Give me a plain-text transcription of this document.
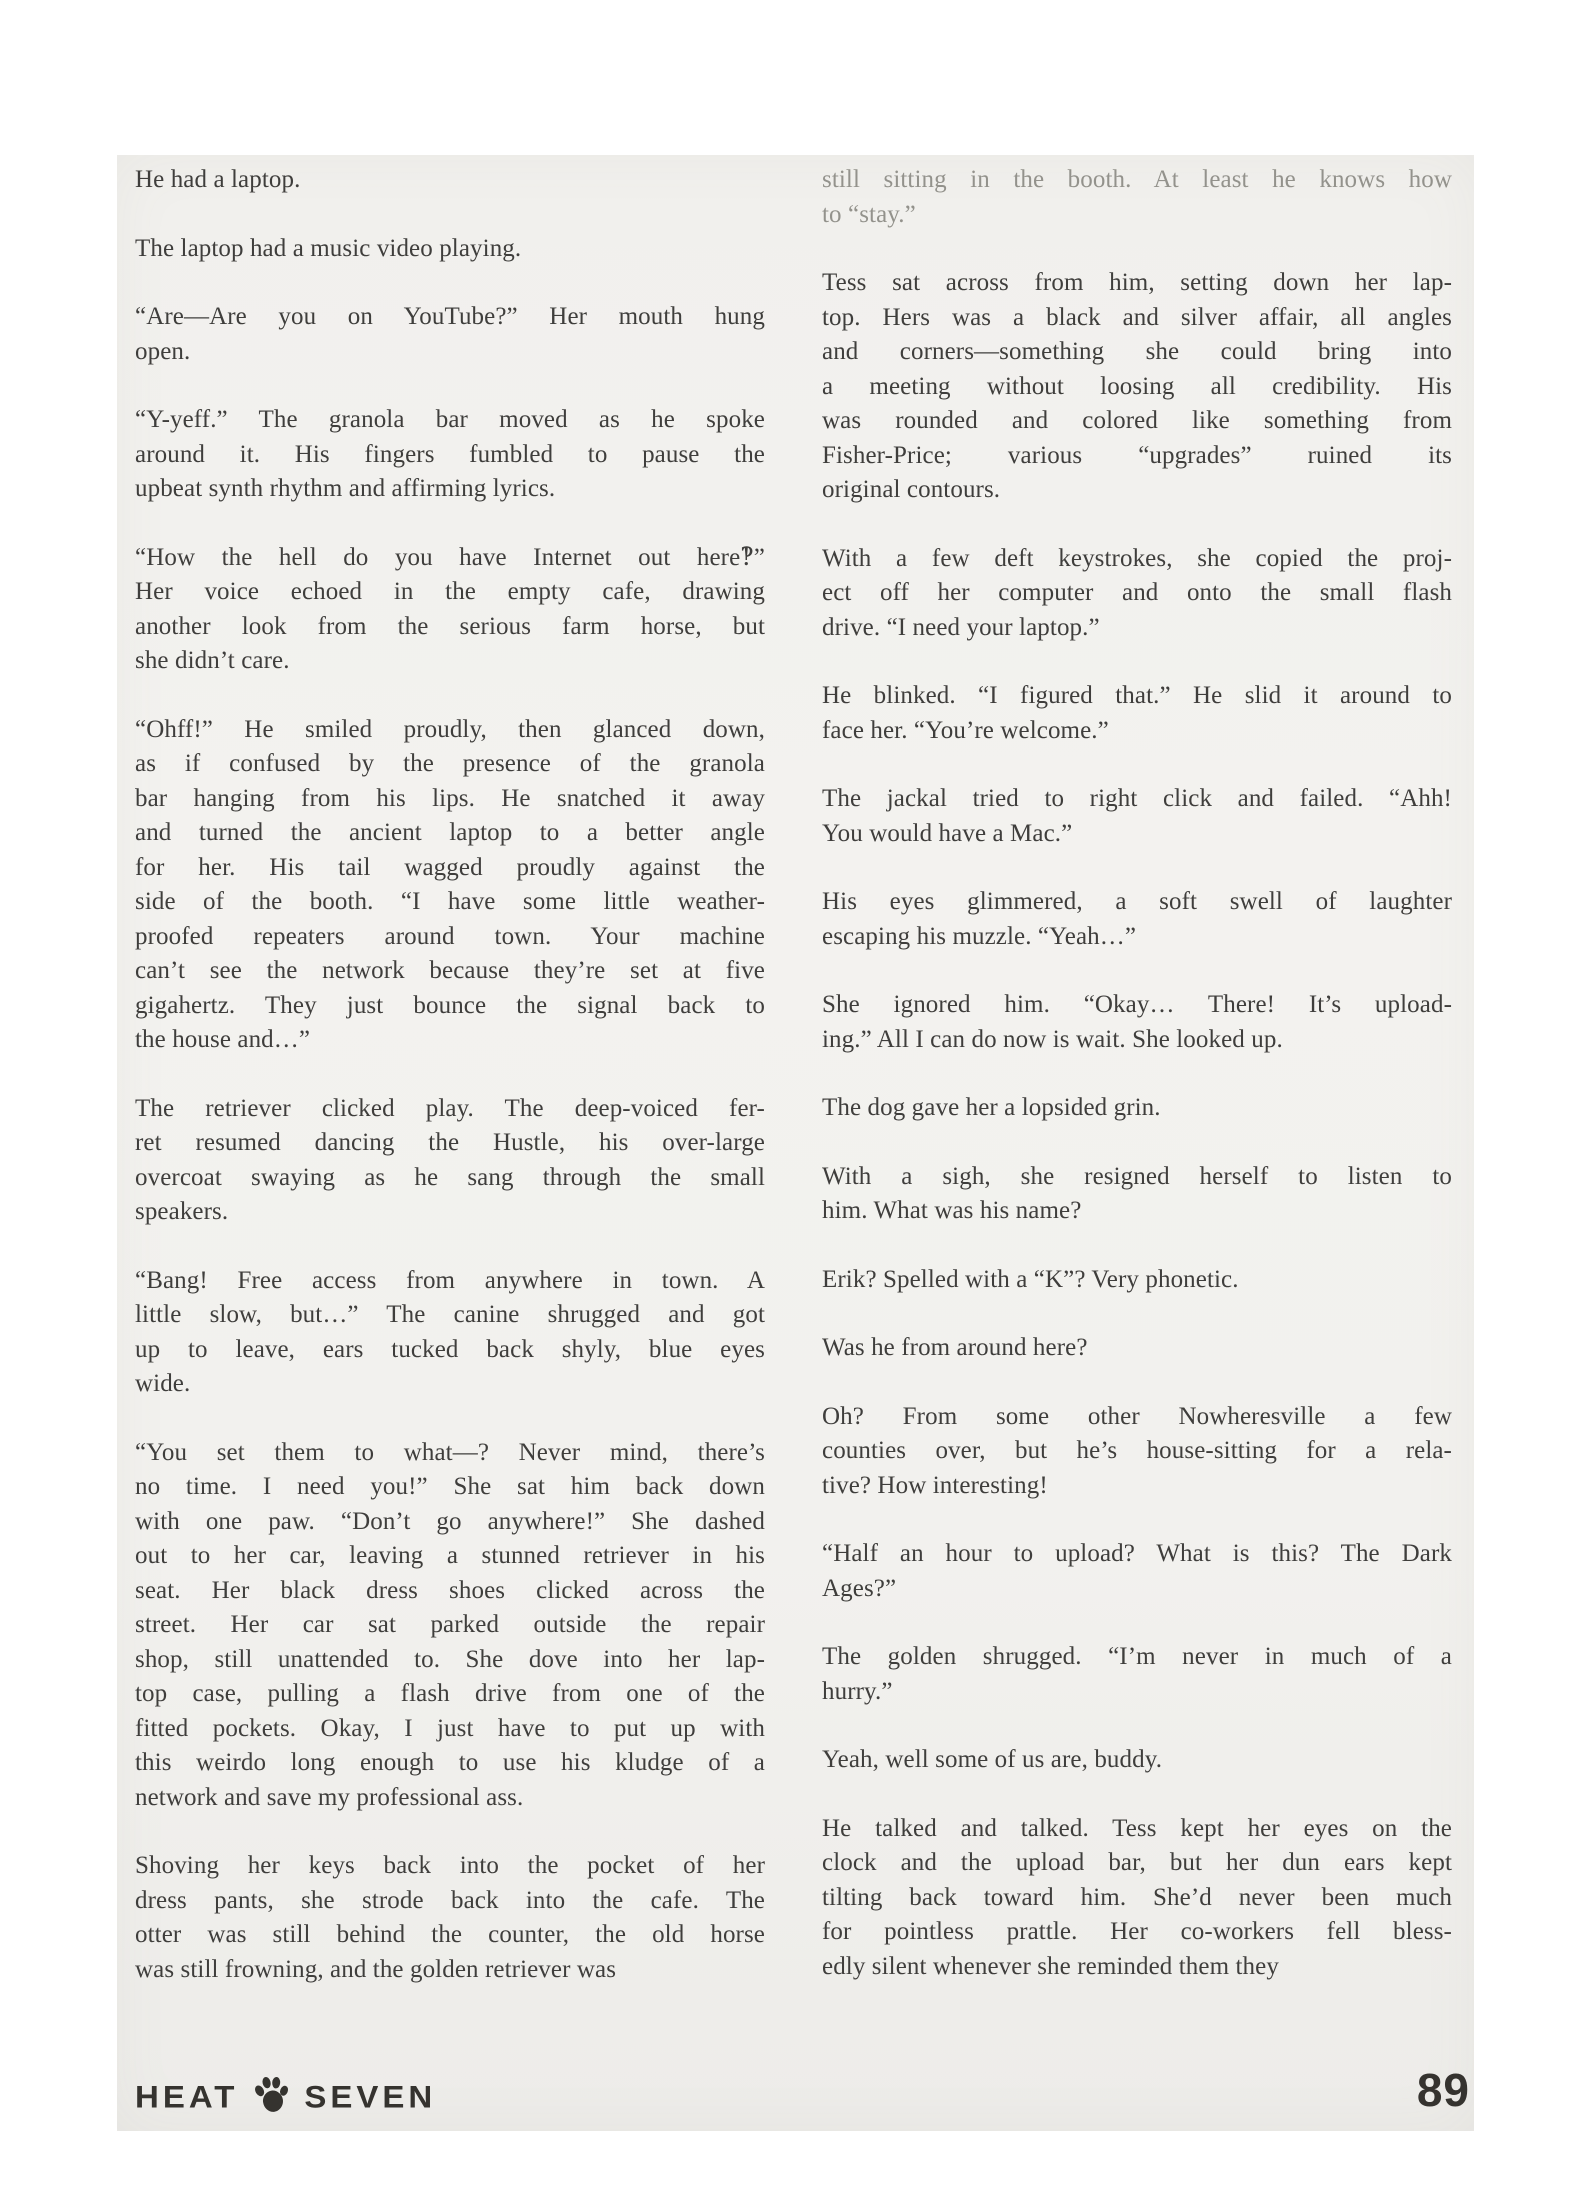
He had a laptop.

The laptop had a music video playing.

“Are—Are you on YouTube?” Her mouth hung
open.

“Y-yeff.” The granola bar moved as he spoke
around it. His fingers fumbled to pause the
upbeat synth rhythm and affirming lyrics.

“How the hell do you have Internet out here‽”
Her voice echoed in the empty cafe, drawing
another look from the serious farm horse, but
she didn’t care.

“Ohff!” He smiled proudly, then glanced down,
as if confused by the presence of the granola
bar hanging from his lips. He snatched it away
and turned the ancient laptop to a better angle
for her. His tail wagged proudly against the
side of the booth. “I have some little weather-
proofed repeaters around town. Your machine
can’t see the network because they’re set at five
gigahertz. They just bounce the signal back to
the house and…”

The retriever clicked play. The deep-voiced fer-
ret resumed dancing the Hustle, his over-large
overcoat swaying as he sang through the small
speakers.

“Bang! Free access from anywhere in town. A
little slow, but…” The canine shrugged and got
up to leave, ears tucked back shyly, blue eyes
wide.

“You set them to what—? Never mind, there’s
no time. I need you!” She sat him back down
with one paw. “Don’t go anywhere!” She dashed
out to her car, leaving a stunned retriever in his
seat. Her black dress shoes clicked across the
street. Her car sat parked outside the repair
shop, still unattended to. She dove into her lap-
top case, pulling a flash drive from one of the
fitted pockets. Okay, I just have to put up with
this weirdo long enough to use his kludge of a
network and save my professional ass.

Shoving her keys back into the pocket of her
dress pants, she strode back into the cafe. The
otter was still behind the counter, the old horse
was still frowning, and the golden retriever was

still sitting in the booth. At least he knows how
to “stay.”

Tess sat across from him, setting down her lap-
top. Hers was a black and silver affair, all angles
and corners—something she could bring into
a meeting without loosing all credibility. His
was rounded and colored like something from
Fisher-Price; various “upgrades” ruined its
original contours.

With a few deft keystrokes, she copied the proj-
ect off her computer and onto the small flash
drive. “I need your laptop.”

He blinked. “I figured that.” He slid it around to
face her. “You’re welcome.”

The jackal tried to right click and failed. “Ahh!
You would have a Mac.”

His eyes glimmered, a soft swell of laughter
escaping his muzzle. “Yeah…”

She ignored him. “Okay… There! It’s upload-
ing.” All I can do now is wait. She looked up.

The dog gave her a lopsided grin.

With a sigh, she resigned herself to listen to
him. What was his name?

Erik? Spelled with a “K”? Very phonetic.

Was he from around here?

Oh? From some other Nowheresville a few
counties over, but he’s house-sitting for a rela-
tive? How interesting!

“Half an hour to upload? What is this? The Dark
Ages?”

The golden shrugged. “I’m never in much of a
hurry.”

Yeah, well some of us are, buddy.

He talked and talked. Tess kept her eyes on the
clock and the upload bar, but her dun ears kept
tilting back toward him. She’d never been much
for pointless prattle. Her co-workers fell bless-
edly silent whenever she reminded them they

HEAT SEVEN	89
